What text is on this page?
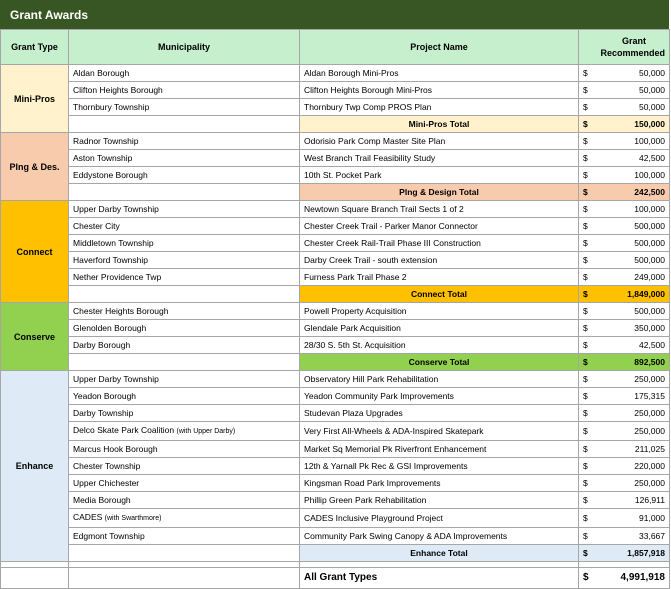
Grant Awards
Grant Type	Municipality	Project Name	Grant
Recommended	

Mini-Pros	Aldan Borough	Aldan Borough Mini-Pros	$	50,000
	Clifton Heights Borough	Clifton Heights Borough Mini-Pros	$	50,000
	Thornbury Township	Thornbury Twp Comp PROS Plan	$	50,000
		Mini-Pros Total	$	150,000
Plng & Des.	Radnor Township	Odorisio Park Comp Master Site Plan	$	100,000
	Aston Township	West Branch Trail Feasibility Study	$	42,500
	Eddystone Borough	10th St. Pocket Park	$	100,000
		Plng & Design Total	$	242,500
Connect	Upper Darby Township	Newtown Square Branch Trail Sects 1 of 2	$	100,000
	Chester City	Chester Creek Trail - Parker Manor Connector	$	500,000
	Middletown Township	Chester Creek Rail-Trail Phase III Construction	$	500,000
	Haverford Township	Darby Creek Trail - south extension	$	500,000
	Nether Providence Twp	Furness Park Trail Phase 2	$	249,000
		Connect Total	$	1,849,000
Conserve	Chester Heights Borough	Powell Property Acquisition	$	500,000
	Glenolden Borough	Glendale Park Acquisition	$	350,000
	Darby Borough	28/30 S. 5th St. Acquisition	$	42,500
		Conserve Total	$	892,500
Enhance	Upper Darby Township	Observatory Hill Park Rehabilitation	$	250,000
	Yeadon Borough	Yeadon Community Park Improvements	$	175,315
	Darby Township	Studevan Plaza Upgrades	$	250,000
	Delco Skate Park Coalition (with Upper Darby)	Very First All-Wheels & ADA-Inspired Skatepark	$	250,000
	Marcus Hook Borough	Market Sq Memorial Pk Riverfront Enhancement	$	211,025
	Chester Township	12th & Yarnall Pk Rec & GSI Improvements	$	220,000
	Upper Chichester	Kingsman Road Park Improvements	$	250,000
	Media Borough	Phillip Green Park Rehabilitation	$	126,911
	CADES (with Swarthmore)	CADES Inclusive Playground Project	$	91,000
	Edgmont Township	Community Park Swing Canopy & ADA Improvements	$	33,667
		Enhance Total	$	1,857,918

		All Grant Types	$	4,991,918
